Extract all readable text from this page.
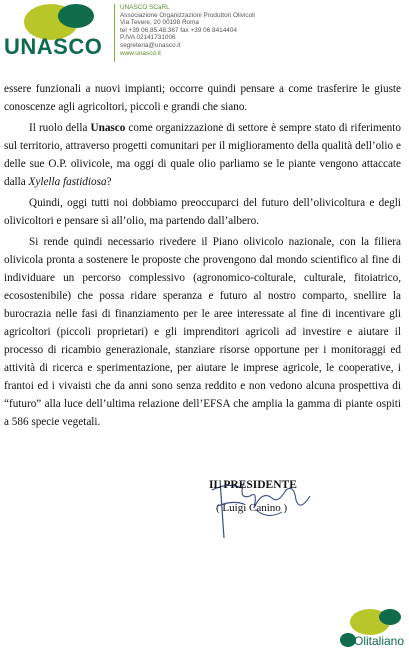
UNASCO
UNASCO SCaRL
Associazione Organizzazioni Produttori Olivicoli
Via Tevere, 20 00198 Roma
tel +39 06.85.48.367 fax +39 06 8414404
P.IVA 02141731006
segreteria@unasco.it
www.unasco.it

essere funzionali a nuovi impianti; occorre quindi pensare a come trasferire le giuste conoscenze agli agricoltori, piccoli e grandi che siano.

Il ruolo della Unasco come organizzazione di settore è sempre stato di riferimento sul territorio, attraverso progetti comunitari per il miglioramento della qualità dell’olio e delle sue O.P. olivicole, ma oggi di quale olio parliamo se le piante vengono attaccate dalla Xylella fastidiosa?

Quindi, oggi tutti noi dobbiamo preoccuparci del futuro dell’olivicoltura e degli olivicoltori e pensare sì all’olio, ma partendo dall’albero.

Si rende quindi necessario rivedere il Piano olivicolo nazionale, con la filiera olivicola pronta a sostenere le proposte che provengono dal mondo scientifico al fine di individuare un percorso complessivo (agronomico-colturale, culturale, fitoiatrico, ecosostenibile) che possa ridare speranza e futuro al nostro comparto, snellire la burocrazia nelle fasi di finanziamento per le aree interessate al fine di incentivare gli agricoltori (piccoli proprietari) e gli imprenditori agricoli ad investire e aiutare il processo di ricambio generazionale, stanziare risorse opportune per i monitoraggi ed attività di ricerca e sperimentazione, per aiutare le imprese agricole, le cooperative, i frantoi ed i vivaisti che da anni sono senza reddito e non vedono alcuna prospettiva di “futuro” alla luce dell’ultima relazione dell’EFSA che amplia la gamma di piante ospiti a 586 specie vegetali.

IL PRESIDENTE
( Luigi Canino )
Olitaliano
